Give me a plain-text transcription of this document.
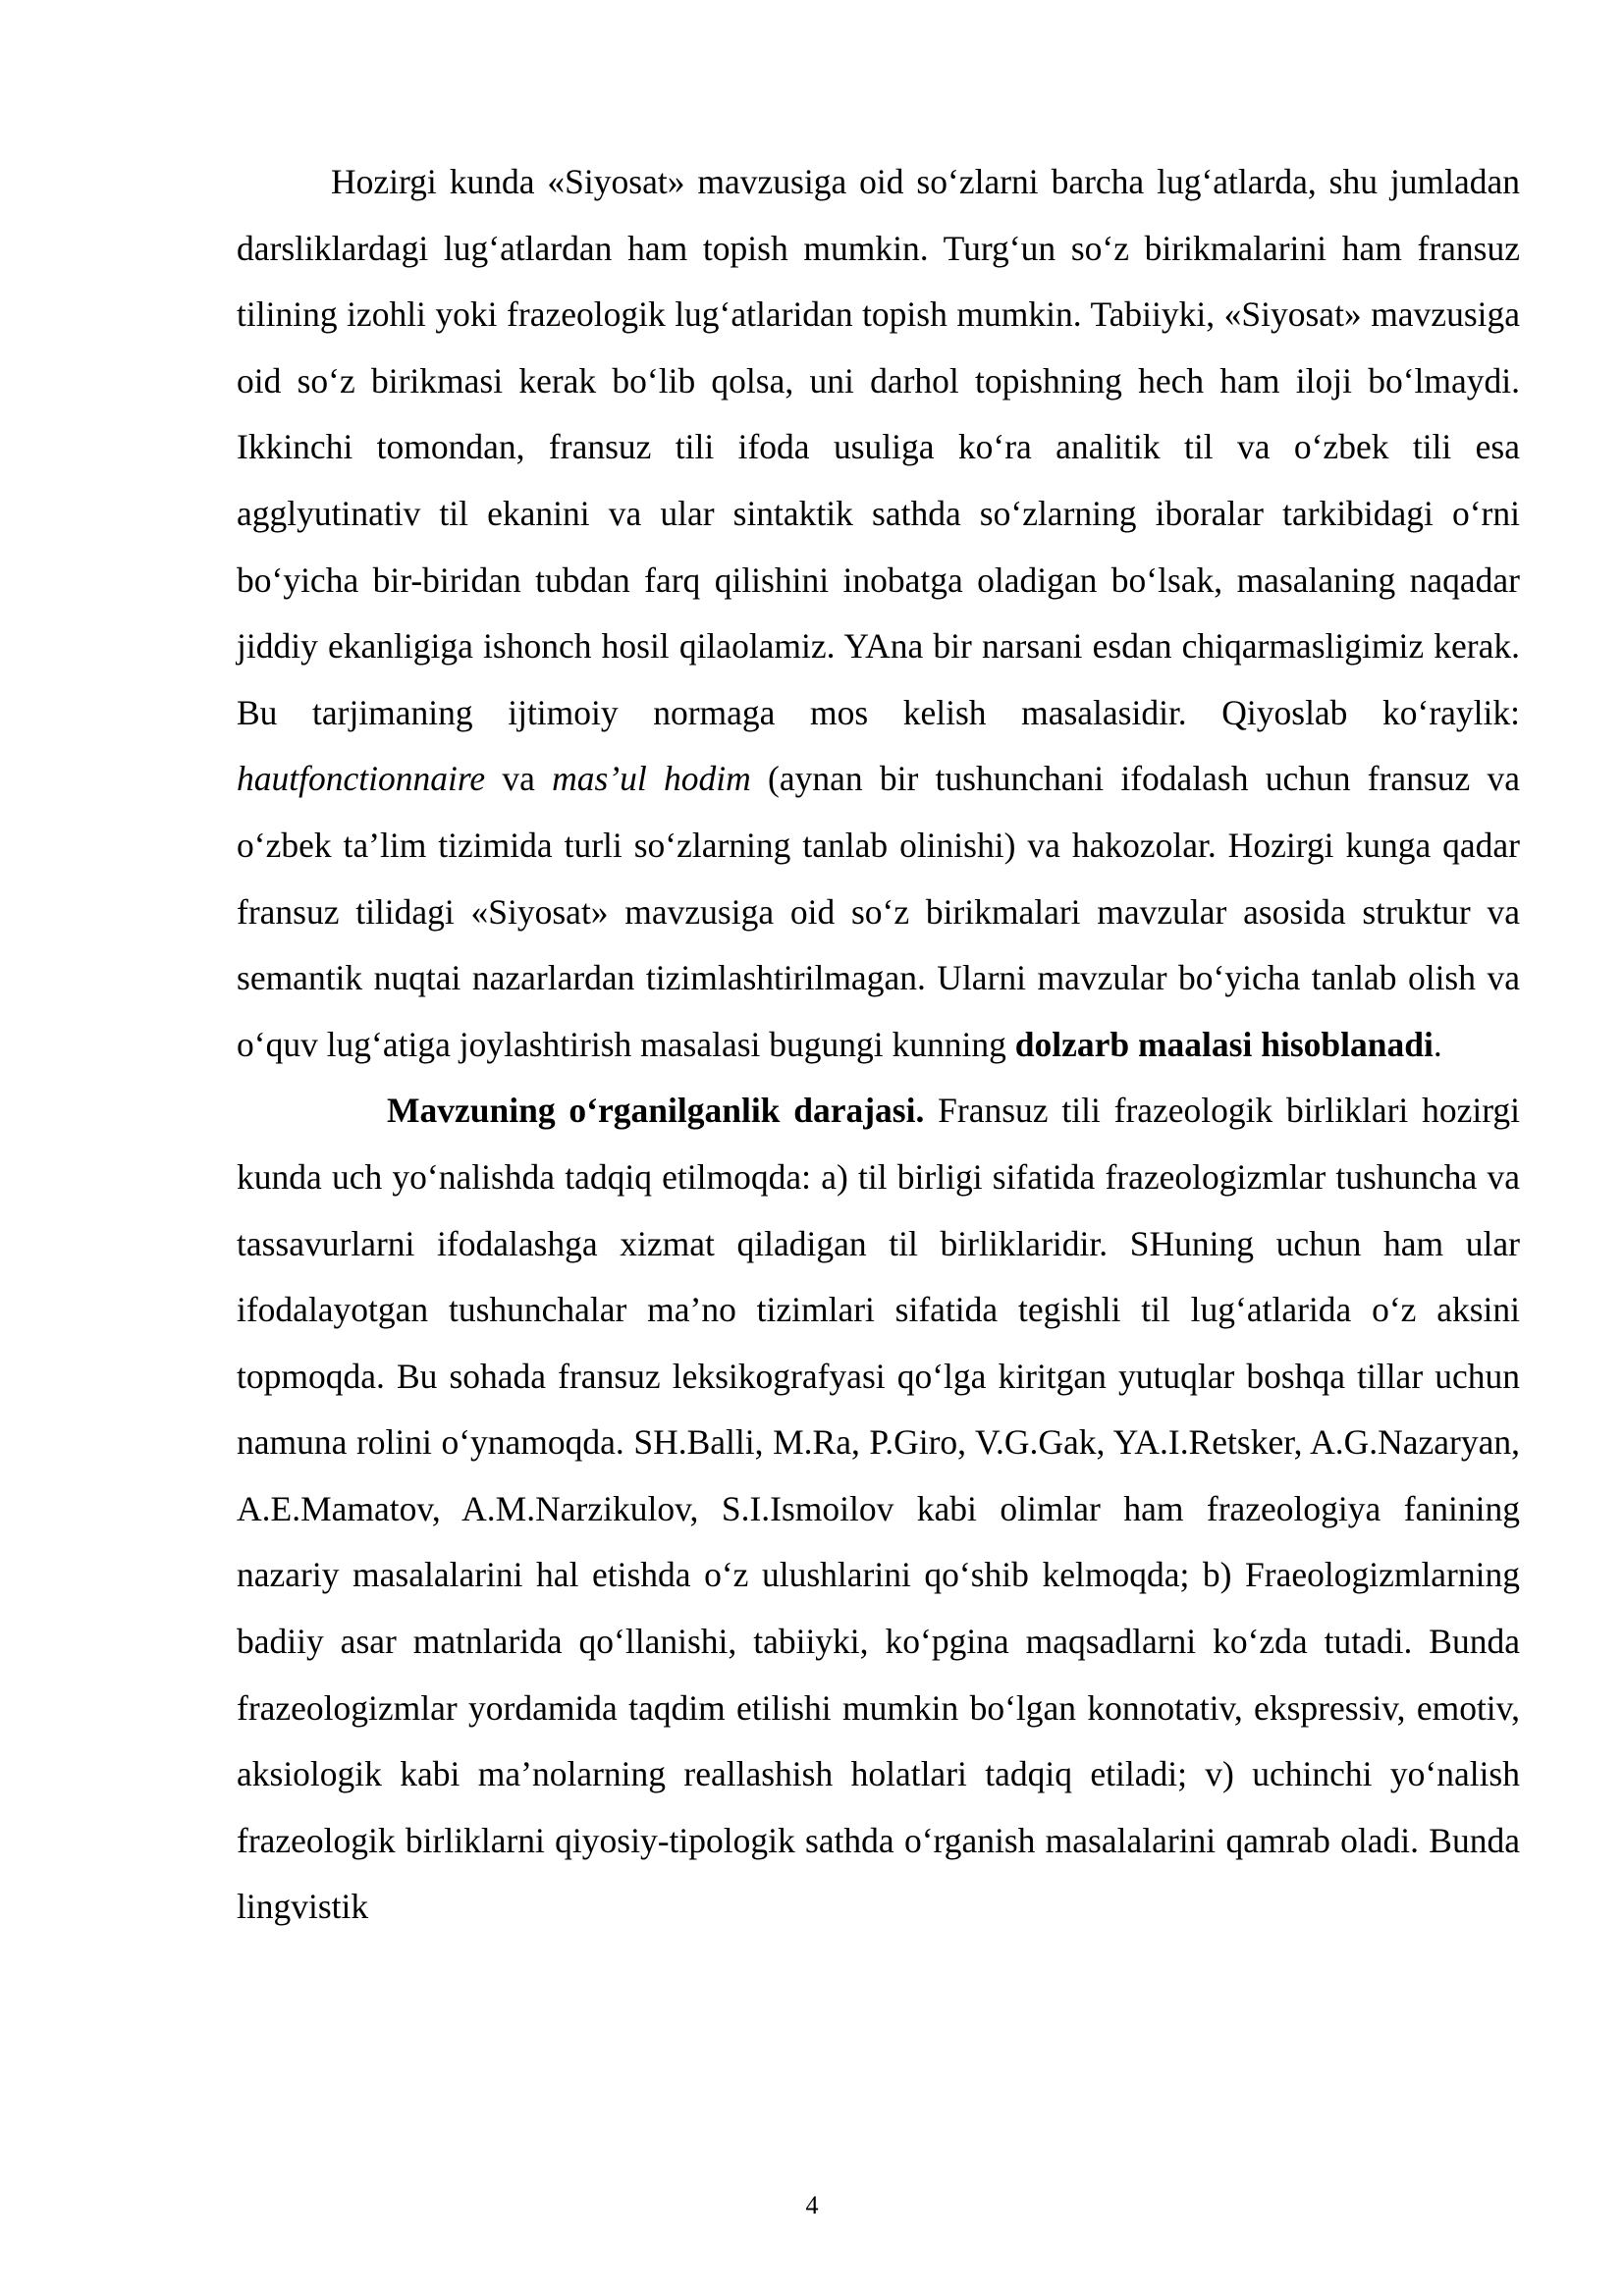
Hozirgi kunda «Siyosat» mavzusiga oid so‘zlarni barcha lug‘atlarda, shu jumladan darsliklardagi lug‘atlardan ham topish mumkin. Turg‘un so‘z birikmalarini ham fransuz tilining izohli yoki frazeologik lug‘atlaridan topish mumkin. Tabiiyki, «Siyosat» mavzusiga oid so‘z birikmasi kerak bo‘lib qolsa, uni darhol topishning hech ham iloji bo‘lmaydi. Ikkinchi tomondan, fransuz tili ifoda usuliga ko‘ra analitik til va o‘zbek tili esa agglyutinativ til ekanini va ular sintaktik sathda so‘zlarning iboralar tarkibidagi o‘rni bo‘yicha bir-biridan tubdan farq qilishini inobatga oladigan bo‘lsak, masalaning naqadar jiddiy ekanligiga ishonch hosil qilaolamiz. YAna bir narsani esdan chiqarmasligimiz kerak. Bu tarjimaning ijtimoiy normaga mos kelish masalasidir. Qiyoslab ko‘raylik: hautfonctionnaire va mas’ul hodim (aynan bir tushunchani ifodalash uchun fransuz va o‘zbek ta’lim tizimida turli so‘zlarning tanlab olinishi) va hakozolar. Hozirgi kunga qadar fransuz tilidagi «Siyosat» mavzusiga oid so‘z birikmalari mavzular asosida struktur va semantik nuqtai nazarlardan tizimlashtirilmagan. Ularni mavzular bo‘yicha tanlab olish va o‘quv lug‘atiga joylashtirish masalasi bugungi kunning dolzarb maalasi hisoblanadi.

Mavzuning o‘rganilganlik darajasi. Fransuz tili frazeologik birliklari hozirgi kunda uch yo‘nalishda tadqiq etilmoqda: a) til birligi sifatida frazeologizmlar tushuncha va tassavurlarni ifodalashga xizmat qiladigan til birliklaridir. SHuning uchun ham ular ifodalayotgan tushunchalar ma’no tizimlari sifatida tegishli til lug‘atlarida o‘z aksini topmoqda. Bu sohada fransuz leksikografyasi qo‘lga kiritgan yutuqlar boshqa tillar uchun namuna rolini o‘ynamoqda. SH.Balli, M.Ra, P.Giro, V.G.Gak, YA.I.Retsker, A.G.Nazaryan, A.E.Mamatov, A.M.Narzikulov, S.I.Ismoilov kabi olimlar ham frazeologiya fanining nazariy masalalarini hal etishda o‘z ulushlarini qo‘shib kelmoqda; b) Fraeologizmlarning badiiy asar matnlarida qo‘llanishi, tabiiyki, ko‘pgina maqsadlarni ko‘zda tutadi. Bunda frazeologizmlar yordamida taqdim etilishi mumkin bo‘lgan konnotativ, ekspressiv, emotiv, aksiologik kabi ma’nolarning reallashish holatlari tadqiq etiladi; v) uchinchi yo‘nalish frazeologik birliklarni qiyosiy-tipologik sathda o‘rganish masalalarini qamrab oladi. Bunda lingvistik

4
